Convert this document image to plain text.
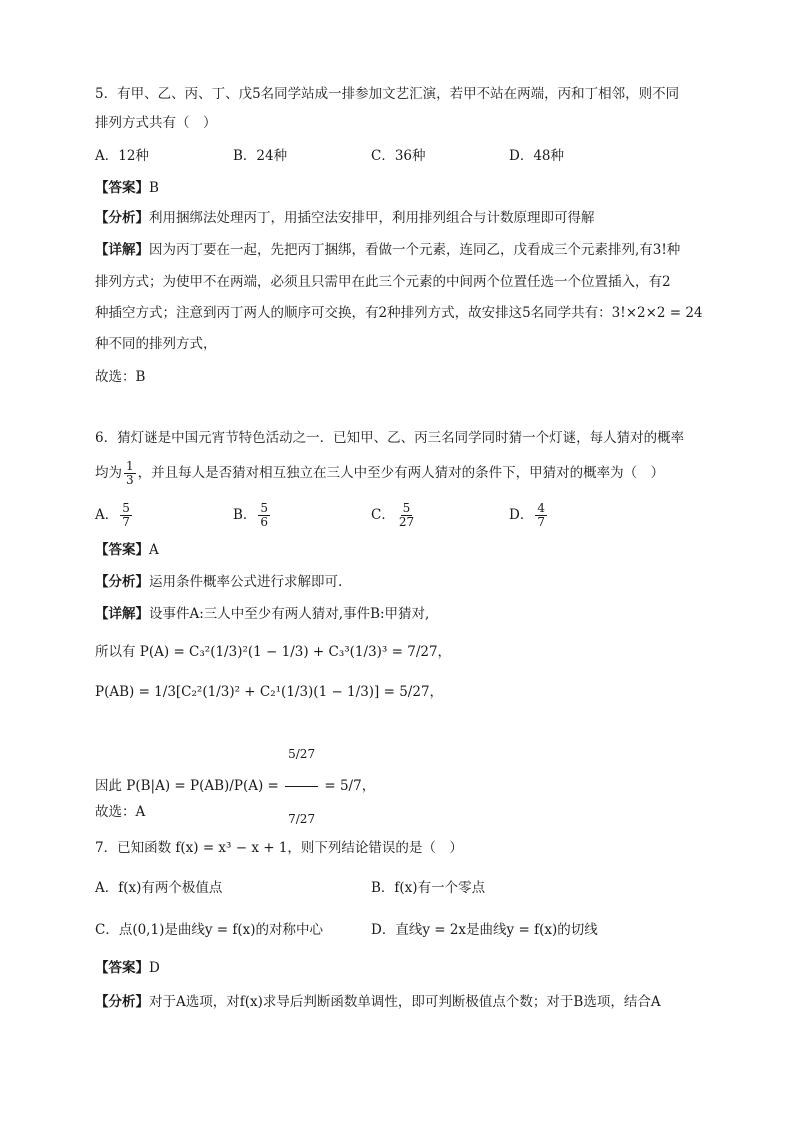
5．有甲、乙、丙、丁、戊5名同学站成一排参加文艺汇演，若甲不站在两端，丙和丁相邻，则不同
排列方式共有（　）
A．12种	B．24种	C．36种	D．48种
【答案】B
【分析】利用捆绑法处理丙丁，用插空法安排甲，利用排列组合与计数原理即可得解
【详解】因为丙丁要在一起，先把丙丁捆绑，看做一个元素，连同乙，戊看成三个元素排列,有3!种
排列方式；为使甲不在两端，必须且只需甲在此三个元素的中间两个位置任选一个位置插入，有2
种插空方式；注意到丙丁两人的顺序可交换，有2种排列方式，故安排这5名同学共有：3!×2×2 = 24
种不同的排列方式，
故选：B
6．猜灯谜是中国元宵节特色活动之一．已知甲、乙、丙三名同学同时猜一个灯谜，每人猜对的概率
均为 $\frac{1}{3}$ ，并且每人是否猜对相互独立在三人中至少有两人猜对的条件下，甲猜对的概率为（　）
A． $\frac{5}{7}$	B． $\frac{5}{6}$	C． $\frac{5}{27}$	D． $\frac{4}{7}$
【答案】A
【分析】运用条件概率公式进行求解即可.
【详解】设事件A:三人中至少有两人猜对,事件B:甲猜对,
所以有 P(A) = C₃²(1/3)²(1 − 1/3) + C₃³(1/3)³ = 7/27，
P(AB) = 1/3[C₂²(1/3)² + C₂¹(1/3)(1 − 1/3)] = 5/27，
因此 $P(B|A) = P(AB)/P(A) = \frac{5/27}{7/27} = 5/7$，
故选：A
7．已知函数 f(x) = x³ − x + 1，则下列结论错误的是（　）
A．f(x)有两个极值点	B．f(x)有一个零点
C．点(0,1)是曲线y = f(x)的对称中心	D．直线y = 2x是曲线y = f(x)的切线
【答案】D
【分析】对于A选项，对f(x)求导后判断函数单调性，即可判断极值点个数；对于B选项，结合A
